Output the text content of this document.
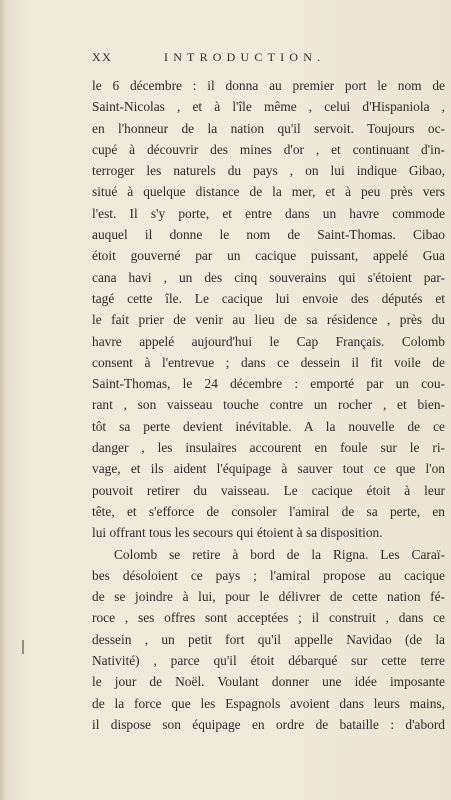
XX	INTRODUCTION.
le 6 décembre : il donna au premier port le nom de
Saint-Nicolas , et à l'île même , celui d'Hispaniola ,
en l'honneur de la nation qu'il servoit. Toujours oc-
cupé à découvrir des mines d'or , et continuant d'in-
terroger les naturels du pays , on lui indique Gibao,
situé à quelque distance de la mer, et à peu près vers
l'est. Il s'y porte, et entre dans un havre commode
auquel il donne le nom de Saint-Thomas. Cibao
étoit gouverné par un cacique puissant, appelé Gua
cana havi , un des cinq souverains qui s'étoient par-
tagé cette île. Le cacique lui envoie des députés et
le fait prier de venir au lieu de sa résidence , près du
havre appelé aujourd'hui le Cap Français. Colomb
consent à l'entrevue ; dans ce dessein il fit voile de
Saint-Thomas, le 24 décembre : emporté par un cou-
rant , son vaisseau touche contre un rocher , et bien-
tôt sa perte devient inévitable. A la nouvelle de ce
danger , les insulaires accourent en foule sur le ri-
vage, et ils aident l'équipage à sauver tout ce que l'on
pouvoit retirer du vaisseau. Le cacique étoit à leur
tête, et s'efforce de consoler l'amiral de sa perte, en
lui offrant tous les secours qui étoient à sa disposition.
Colomb se retire à bord de la Rigna. Les Caraï-
bes désoloient ce pays ; l'amiral propose au cacique
de se joindre à lui, pour le délivrer de cette nation fé-
roce , ses offres sont acceptées ; il construit , dans ce
dessein , un petit fort qu'il appelle Navidao (de la
Nativité) , parce qu'il étoit débarqué sur cette terre
le jour de Noël. Voulant donner une idée imposante
de la force que les Espagnols avoient dans leurs mains,
il dispose son équipage en ordre de bataille : d'abord
